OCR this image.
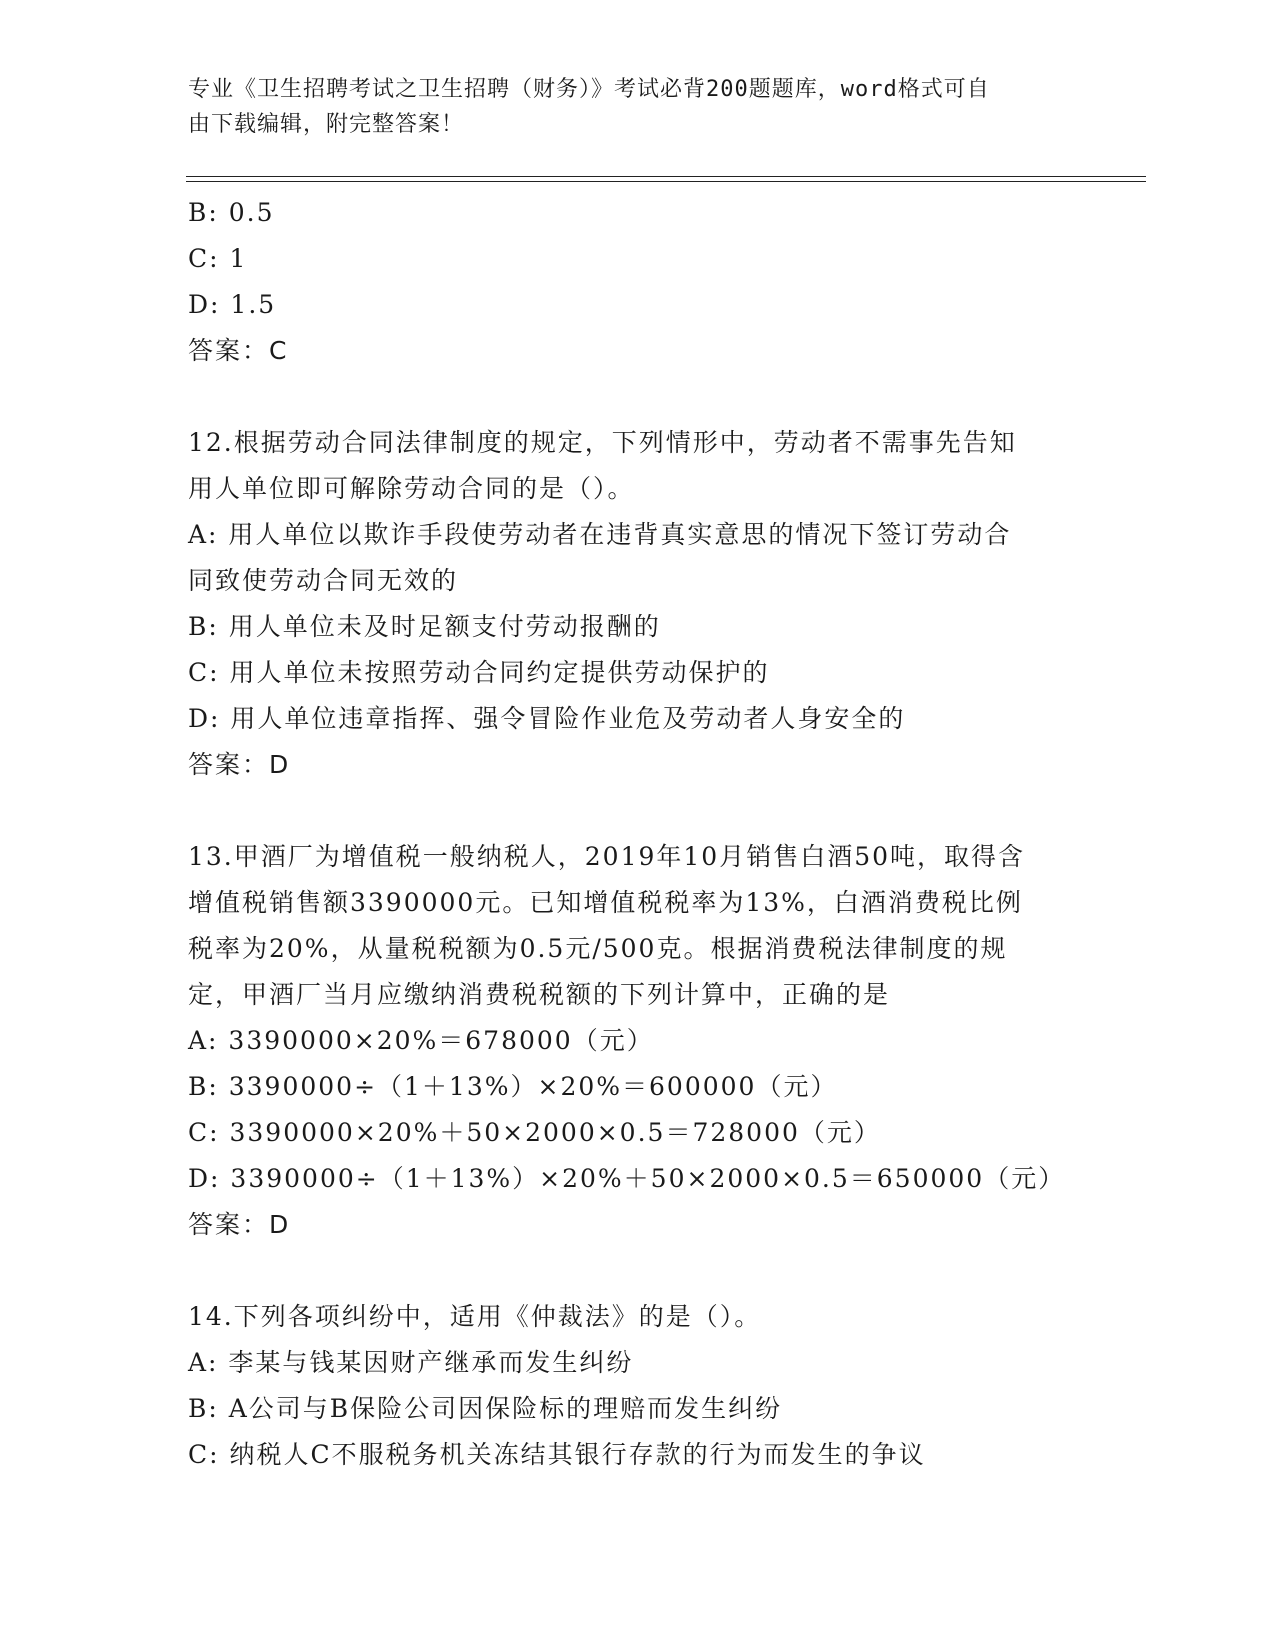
专业《卫生招聘考试之卫生招聘（财务）》考试必背200题题库，word格式可自
由下载编辑，附完整答案！
B: 0.5
C: 1
D: 1.5
答案：C
12.根据劳动合同法律制度的规定，下列情形中，劳动者不需事先告知
用人单位即可解除劳动合同的是（）。
A: 用人单位以欺诈手段使劳动者在违背真实意思的情况下签订劳动合
同致使劳动合同无效的
B: 用人单位未及时足额支付劳动报酬的
C: 用人单位未按照劳动合同约定提供劳动保护的
D: 用人单位违章指挥、强令冒险作业危及劳动者人身安全的
答案：D
13.甲酒厂为增值税一般纳税人，2019年10月销售白酒50吨，取得含
增值税销售额3390000元。已知增值税税率为13%，白酒消费税比例
税率为20%，从量税税额为0.5元/500克。根据消费税法律制度的规
定，甲酒厂当月应缴纳消费税税额的下列计算中，正确的是
A: 3390000×20%＝678000（元）
B: 3390000÷（1＋13%）×20%＝600000（元）
C: 3390000×20%＋50×2000×0.5＝728000（元）
D: 3390000÷（1＋13%）×20%＋50×2000×0.5＝650000（元）
答案：D
14.下列各项纠纷中，适用《仲裁法》的是（）。
A: 李某与钱某因财产继承而发生纠纷
B: A公司与B保险公司因保险标的理赔而发生纠纷
C: 纳税人C不服税务机关冻结其银行存款的行为而发生的争议
